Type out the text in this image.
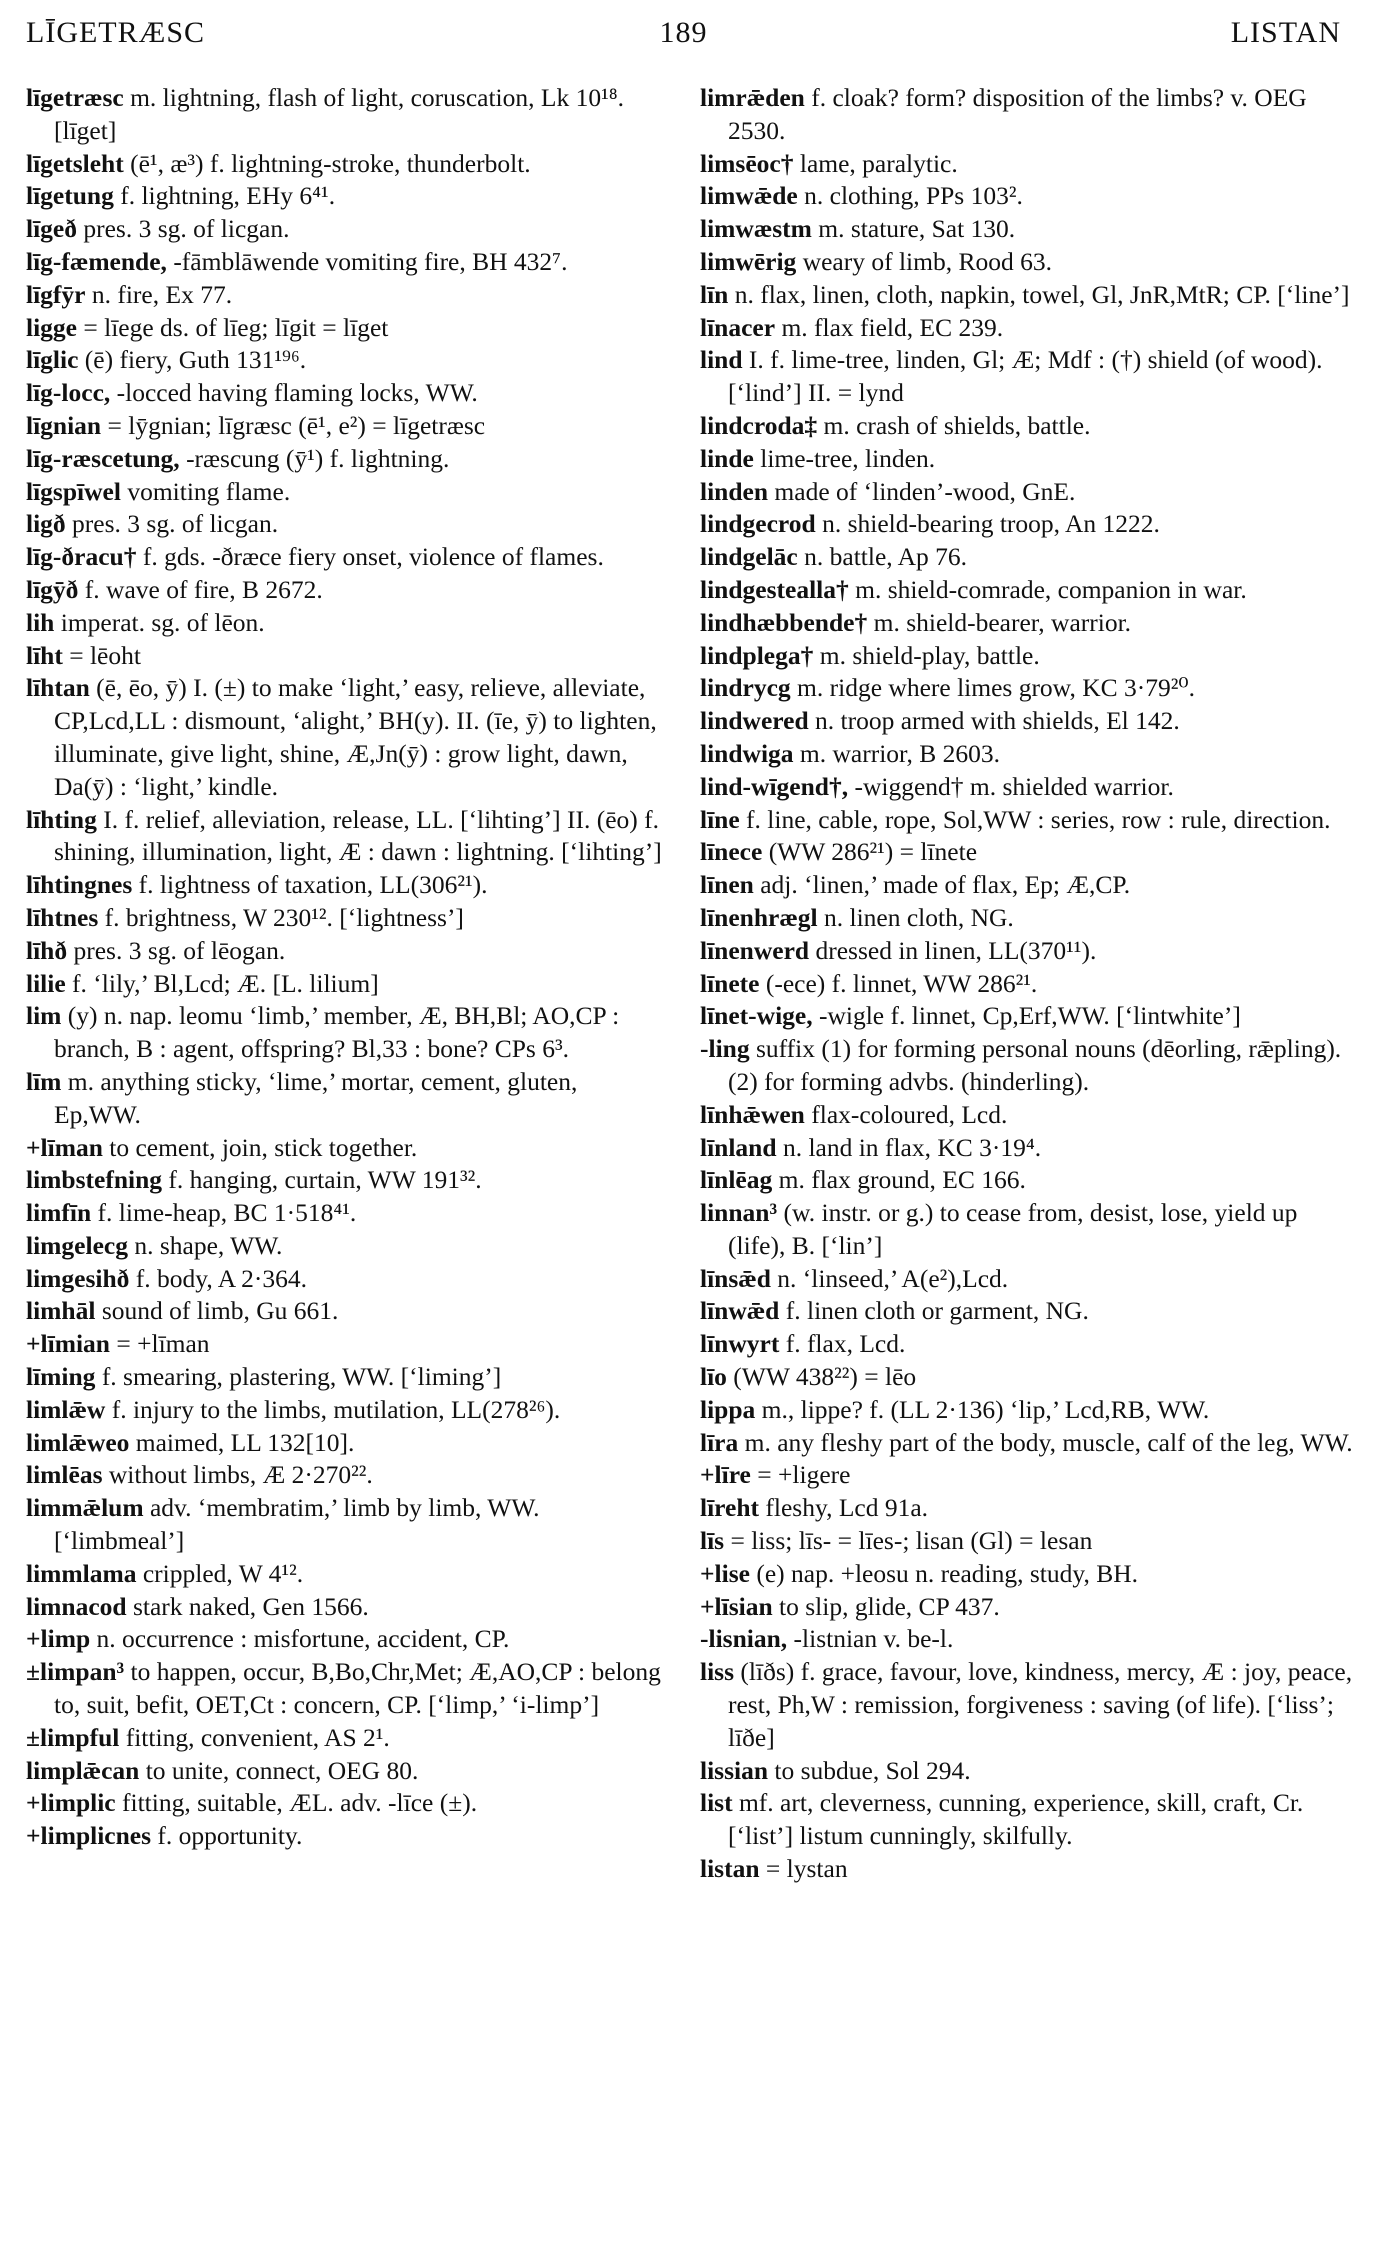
LĪGETRÆSC	189	LISTAN

līgetræsc m. lightning, flash of light, coruscation, Lk 10¹⁸. [līget]

līgetsleht (ē¹, æ³) f. lightning-stroke, thunderbolt.

līgetung f. lightning, EHy 6⁴¹.

līgeð pres. 3 sg. of licgan.

līg-fæmende, -fāmblāwende vomiting fire, BH 432⁷.

līgfȳr n. fire, Ex 77.

ligge = līege ds. of līeg; līgit = līget

līglic (ē) fiery, Guth 131¹⁹⁶.

līg-locc, -locced having flaming locks, WW.

līgnian = lȳgnian; līgræsc (ē¹, e²) = līgetræsc

līg-ræscetung, -ræscung (ȳ¹) f. lightning.

līgspīwel vomiting flame.

ligð pres. 3 sg. of licgan.

līg-ðracu† f. gds. -ðræce fiery onset, violence of flames.

līgȳð f. wave of fire, B 2672.

lih imperat. sg. of lēon.

līht = lēoht

līhtan (ē, ēo, ȳ) I. (±) to make ‘light,’ easy, relieve, alleviate, CP,Lcd,LL : dismount, ‘alight,’ BH(y). II. (īe, ȳ) to lighten, illuminate, give light, shine, Æ,Jn(ȳ) : grow light, dawn, Da(ȳ) : ‘light,’ kindle.

līhting I. f. relief, alleviation, release, LL. [‘lihting’] II. (ēo) f. shining, illumination, light, Æ : dawn : lightning. [‘lihting’]

līhtingnes f. lightness of taxation, LL(306²¹).

līhtnes f. brightness, W 230¹². [‘lightness’]

līhð pres. 3 sg. of lēogan.

lilie f. ‘lily,’ Bl,Lcd; Æ. [L. lilium]

lim (y) n. nap. leomu ‘limb,’ member, Æ, BH,Bl; AO,CP : branch, B : agent, offspring? Bl,33 : bone? CPs 6³.

līm m. anything sticky, ‘lime,’ mortar, cement, gluten, Ep,WW.

+līman to cement, join, stick together.

limbstefning f. hanging, curtain, WW 191³².

limfīn f. lime-heap, BC 1·518⁴¹.

limgelecg n. shape, WW.

limgesihð f. body, A 2·364.

limhāl sound of limb, Gu 661.

+līmian = +līman

līming f. smearing, plastering, WW. [‘liming’]

limlǣw f. injury to the limbs, mutilation, LL(278²⁶).

limlǣweo maimed, LL 132[10].

limlēas without limbs, Æ 2·270²².

limmǣlum adv. ‘membratim,’ limb by limb, WW. [‘limbmeal’]

limmlama crippled, W 4¹².

limnacod stark naked, Gen 1566.

+limp n. occurrence : misfortune, accident, CP.

±limpan³ to happen, occur, B,Bo,Chr,Met; Æ,AO,CP : belong to, suit, befit, OET,Ct : concern, CP. [‘limp,’ ‘i-limp’]

±limpful fitting, convenient, AS 2¹.

limplǣcan to unite, connect, OEG 80.

+limplic fitting, suitable, ÆL. adv. -līce (±).

+limplicnes f. opportunity.

limrǣden f. cloak? form? disposition of the limbs? v. OEG 2530.

limsēoc† lame, paralytic.

limwǣde n. clothing, PPs 103².

limwæstm m. stature, Sat 130.

limwērig weary of limb, Rood 63.

līn n. flax, linen, cloth, napkin, towel, Gl, JnR,MtR; CP. [‘line’]

līnacer m. flax field, EC 239.

lind I. f. lime-tree, linden, Gl; Æ; Mdf : (†) shield (of wood). [‘lind’] II. = lynd

lindcroda‡ m. crash of shields, battle.

linde lime-tree, linden.

linden made of ‘linden’-wood, GnE.

lindgecrod n. shield-bearing troop, An 1222.

lindgelāc n. battle, Ap 76.

lindgestealla† m. shield-comrade, companion in war.

lindhæbbende† m. shield-bearer, warrior.

lindplega† m. shield-play, battle.

lindrycg m. ridge where limes grow, KC 3·79²⁰.

lindwered n. troop armed with shields, El 142.

lindwiga m. warrior, B 2603.

lind-wīgend†, -wiggend† m. shielded warrior.

līne f. line, cable, rope, Sol,WW : series, row : rule, direction.

līnece (WW 286²¹) = līnete

līnen adj. ‘linen,’ made of flax, Ep; Æ,CP.

līnenhrægl n. linen cloth, NG.

līnenwerd dressed in linen, LL(370¹¹).

līnete (-ece) f. linnet, WW 286²¹.

līnet-wige, -wigle f. linnet, Cp,Erf,WW. [‘lintwhite’]

-ling suffix (1) for forming personal nouns (dēorling, rǣpling). (2) for forming advbs. (hinderling).

līnhǣwen flax-coloured, Lcd.

līnland n. land in flax, KC 3·19⁴.

līnlēag m. flax ground, EC 166.

linnan³ (w. instr. or g.) to cease from, desist, lose, yield up (life), B. [‘lin’]

līnsǣd n. ‘linseed,’ A(e²),Lcd.

līnwǣd f. linen cloth or garment, NG.

līnwyrt f. flax, Lcd.

līo (WW 438²²) = lēo

lippa m., lippe? f. (LL 2·136) ‘lip,’ Lcd,RB, WW.

līra m. any fleshy part of the body, muscle, calf of the leg, WW.

+līre = +ligere

līreht fleshy, Lcd 91a.

līs = liss; līs- = līes-; lisan (Gl) = lesan

+lise (e) nap. +leosu n. reading, study, BH.

+līsian to slip, glide, CP 437.

-lisnian, -listnian v. be-l.

liss (līðs) f. grace, favour, love, kindness, mercy, Æ : joy, peace, rest, Ph,W : remission, forgiveness : saving (of life). [‘liss’; līðe]

lissian to subdue, Sol 294.

list mf. art, cleverness, cunning, experience, skill, craft, Cr. [‘list’] listum cunningly, skilfully.

listan = lystan
